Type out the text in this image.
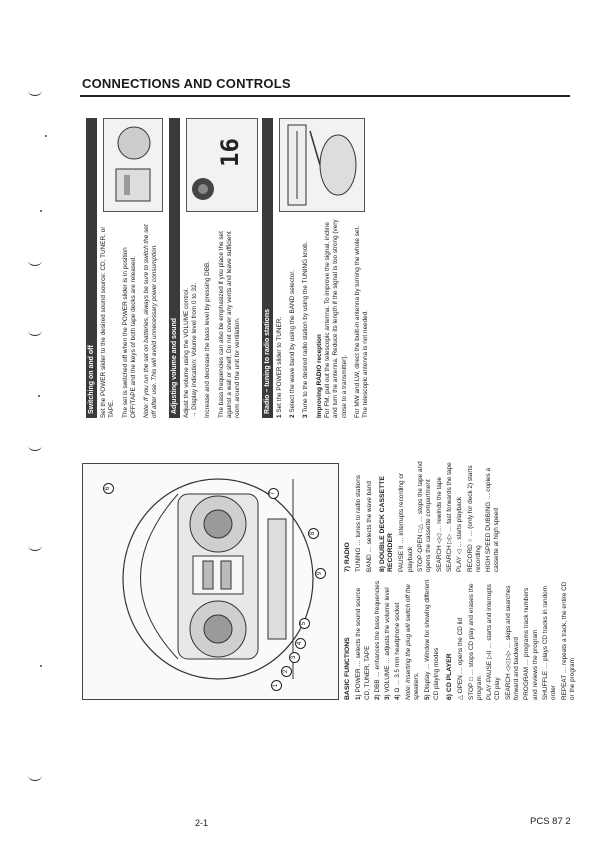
CONNECTIONS AND CONTROLS
1
2
3
4
5
6
7
8
9
BASIC FUNCTIONS 1) POWER … selects the sound source CD, TUNER, TAPE 2) DBB … enhances the bass frequencies
3) VOLUME … adjusts the volume level
4) Ω … 3.5 mm headphone socket Note: Inserting the plug will switch off the speakers. 5) Display … Window for showing different CD playing modes 6) CD PLAYER △ OPEN … opens the CD lid
STOP □ … stops CD play and erases the program PLAY·PAUSE ▷II … starts and interrupts CD play SEARCH ◁◁ ▷▷ … skips and searches forward and backward PROGRAM … programs track numbers and reviews the program SHUFFLE … plays CD tracks in random order REPEAT … repeats a track, the entire CD or the program
7) RADIO TUNING … tunes to radio stations
BAND … selects the wave band
8) DOUBLE DECK CASSETTE RECORDER PAUSE II … interrupts recording or playback STOP·OPEN □△ … stops the tape and opens the cassette compartment SEARCH ◁◁ … rewinds the tape
SEARCH ▷▷ … fast forwards the tape
PLAY ◁ … starts playback
RECORD ○ … (only for deck 2) starts recording HIGH SPEED DUBBING … copies a cassette at high speed
Switching on and off Set the POWER slider to the desired sound source: CD, TUNER, or TAPE. The set is switched off when the POWER slider is in position OFF/TAPE and the keys of both tape decks are released. Note: If you run the set on batteries, always be sure to switch the set off after use. This will avoid unnecessary power consumption. Adjusting volume and sound Adjust the volume using the VOLUME control.
→ Display indication: Volume level from 0 to 32. Increase and decrease the bass level by pressing DBB. The bass frequencies can also be emphasized if you place the set against a wall or shelf. Do not cover any vents and leave sufficient room around the unit for ventilation.

16
Radio – tuning to radio stations

1 Set the POWER slider to TUNER.

2 Select the wave band by using the BAND selector.

3 Tune to the desired radio station by using the TUNING knob. Improving RADIO reception For FM, pull out the telescopic antenna. To improve the signal, incline and turn the antenna. Reduce its length if the signal is too strong (very close to a transmitter). For MW and LW, direct the built-in antenna by turning the whole set. The telescopic antenna is not needed.

2-1	PCS 87 2
